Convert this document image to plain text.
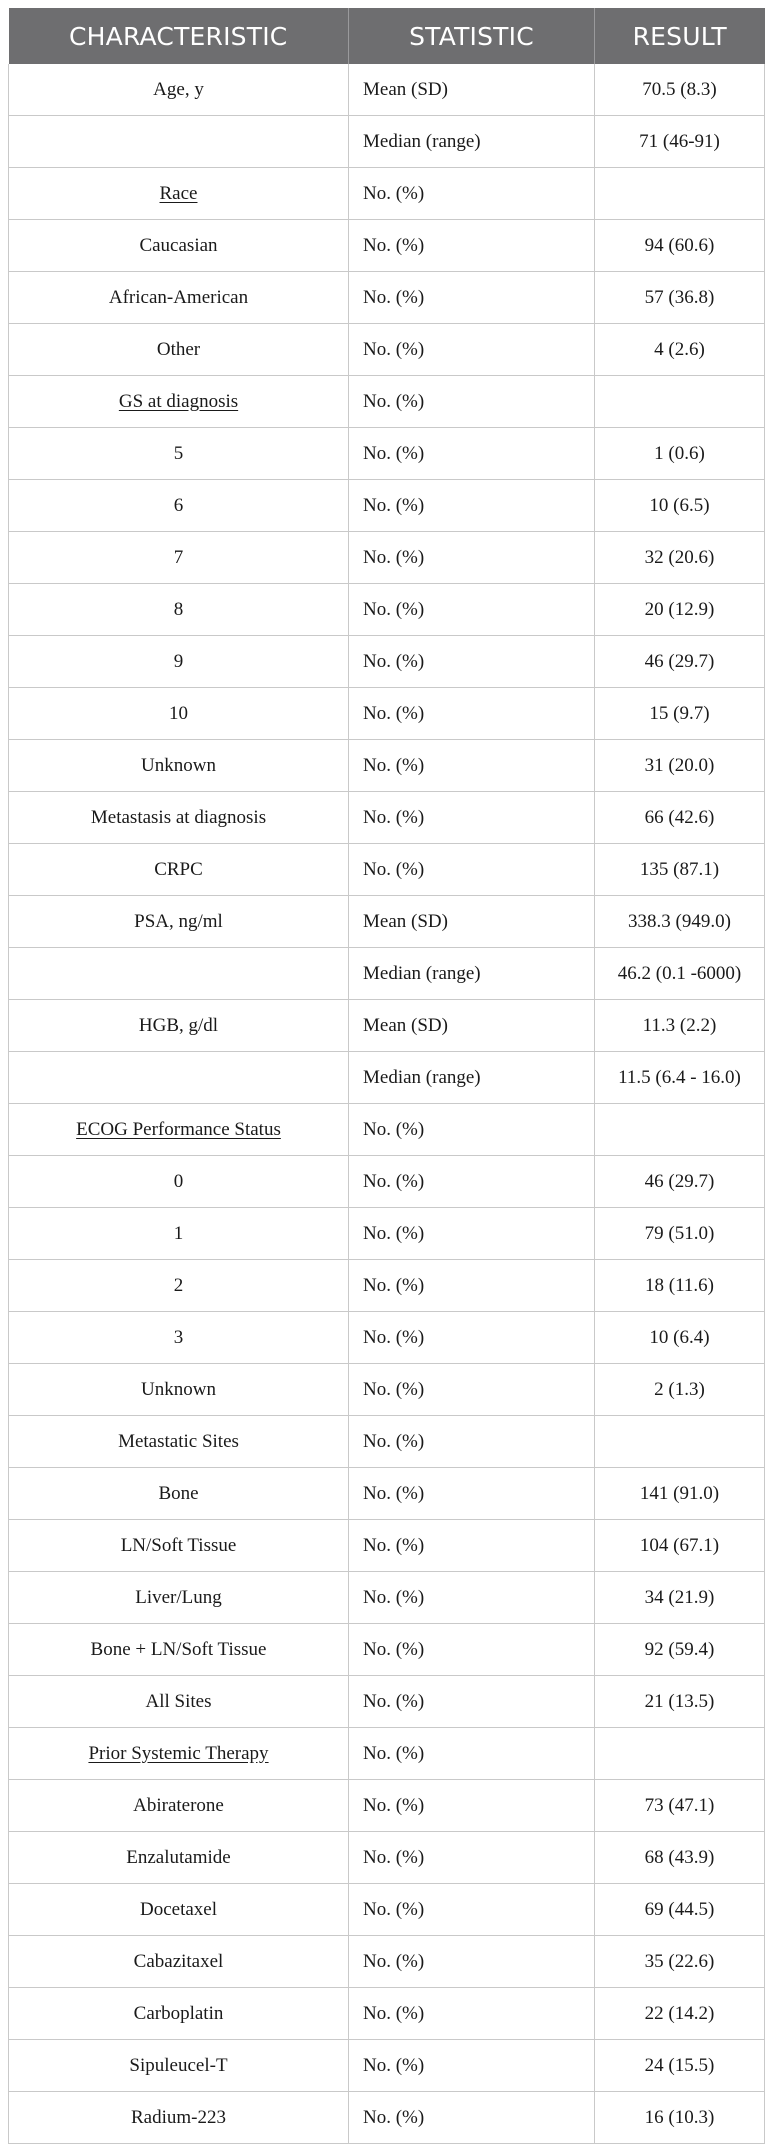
CHARACTERISTIC	STATISTIC	RESULT
Age, y	Mean (SD)	70.5 (8.3)
	Median (range)	71 (46-91)
Race	No. (%)	
Caucasian	No. (%)	94 (60.6)
African-American	No. (%)	57 (36.8)
Other	No. (%)	4 (2.6)
GS at diagnosis	No. (%)	
5	No. (%)	1 (0.6)
6	No. (%)	10 (6.5)
7	No. (%)	32 (20.6)
8	No. (%)	20 (12.9)
9	No. (%)	46 (29.7)
10	No. (%)	15 (9.7)
Unknown	No. (%)	31 (20.0)
Metastasis at diagnosis	No. (%)	66 (42.6)
CRPC	No. (%)	135 (87.1)
PSA, ng/ml	Mean (SD)	338.3 (949.0)
	Median (range)	46.2 (0.1 -6000)
HGB, g/dl	Mean (SD)	11.3 (2.2)
	Median (range)	11.5 (6.4 - 16.0)
ECOG Performance Status	No. (%)	
0	No. (%)	46 (29.7)
1	No. (%)	79 (51.0)
2	No. (%)	18 (11.6)
3	No. (%)	10 (6.4)
Unknown	No. (%)	2 (1.3)
Metastatic Sites	No. (%)	
Bone	No. (%)	141 (91.0)
LN/Soft Tissue	No. (%)	104 (67.1)
Liver/Lung	No. (%)	34 (21.9)
Bone + LN/Soft Tissue	No. (%)	92 (59.4)
All Sites	No. (%)	21 (13.5)
Prior Systemic Therapy	No. (%)	
Abiraterone	No. (%)	73 (47.1)
Enzalutamide	No. (%)	68 (43.9)
Docetaxel	No. (%)	69 (44.5)
Cabazitaxel	No. (%)	35 (22.6)
Carboplatin	No. (%)	22 (14.2)
Sipuleucel-T	No. (%)	24 (15.5)
Radium-223	No. (%)	16 (10.3)
